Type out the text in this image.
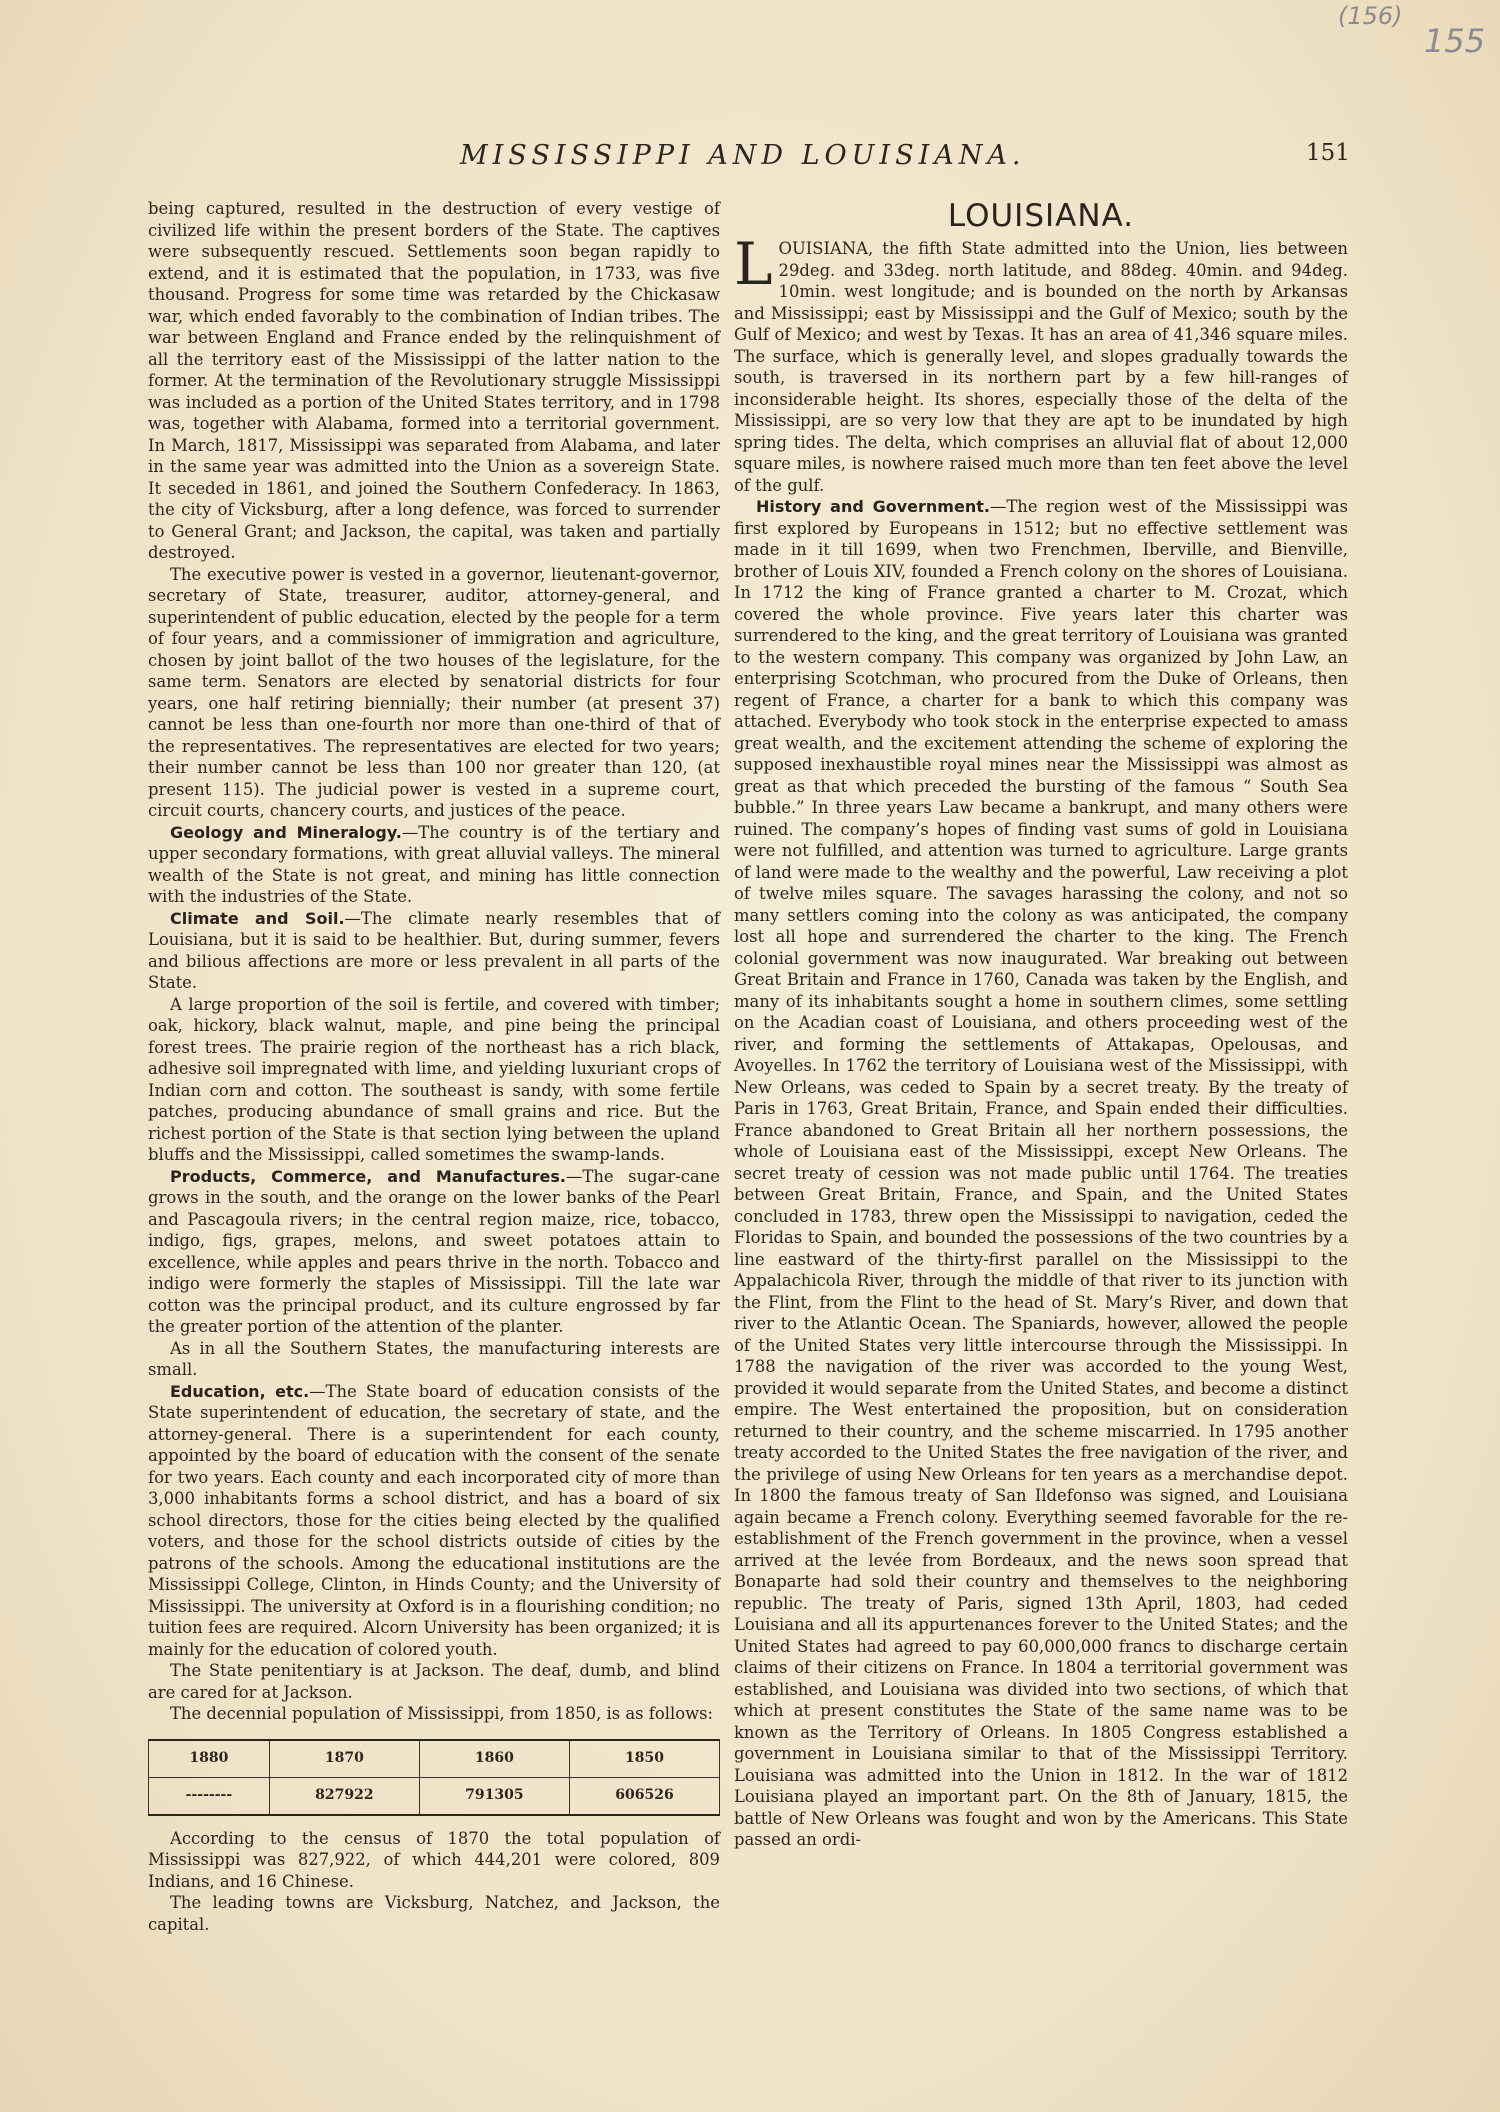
(156)
155
MISSISSIPPI AND LOUISIANA.	151

being captured, resulted in the destruction of every vestige of civilized life within the present borders of the State. The captives were subsequently rescued. Settlements soon began rapidly to extend, and it is estimated that the population, in 1733, was five thousand. Progress for some time was retarded by the Chickasaw war, which ended favorably to the combination of Indian tribes. The war between England and France ended by the relinquishment of all the territory east of the Mississippi of the latter nation to the former. At the termination of the Revolutionary struggle Mississippi was included as a portion of the United States territory, and in 1798 was, together with Alabama, formed into a territorial government. In March, 1817, Mississippi was separated from Alabama, and later in the same year was admitted into the Union as a sovereign State. It seceded in 1861, and joined the Southern Confederacy. In 1863, the city of Vicksburg, after a long defence, was forced to surrender to General Grant; and Jackson, the capital, was taken and partially destroyed.

The executive power is vested in a governor, lieutenant-governor, secretary of State, treasurer, auditor, attorney-general, and superintendent of public education, elected by the people for a term of four years, and a commissioner of immigration and agriculture, chosen by joint ballot of the two houses of the legislature, for the same term. Senators are elected by senatorial districts for four years, one half retiring biennially; their number (at present 37) cannot be less than one-fourth nor more than one-third of that of the representatives. The representatives are elected for two years; their number cannot be less than 100 nor greater than 120, (at present 115). The judicial power is vested in a supreme court, circuit courts, chancery courts, and justices of the peace.

Geology and Mineralogy.—The country is of the tertiary and upper secondary formations, with great alluvial valleys. The mineral wealth of the State is not great, and mining has little connection with the industries of the State.

Climate and Soil.—The climate nearly resembles that of Louisiana, but it is said to be healthier. But, during summer, fevers and bilious affections are more or less prevalent in all parts of the State.

A large proportion of the soil is fertile, and covered with timber; oak, hickory, black walnut, maple, and pine being the principal forest trees. The prairie region of the northeast has a rich black, adhesive soil impregnated with lime, and yielding luxuriant crops of Indian corn and cotton. The southeast is sandy, with some fertile patches, producing abundance of small grains and rice. But the richest portion of the State is that section lying between the upland bluffs and the Mississippi, called sometimes the swamp-lands.

Products, Commerce, and Manufactures.—The sugar-cane grows in the south, and the orange on the lower banks of the Pearl and Pascagoula rivers; in the central region maize, rice, tobacco, indigo, figs, grapes, melons, and sweet potatoes attain to excellence, while apples and pears thrive in the north. Tobacco and indigo were formerly the staples of Mississippi. Till the late war cotton was the principal product, and its culture engrossed by far the greater portion of the attention of the planter.

As in all the Southern States, the manufacturing interests are small.

Education, etc.—The State board of education consists of the State superintendent of education, the secretary of state, and the attorney-general. There is a superintendent for each county, appointed by the board of education with the consent of the senate for two years. Each county and each incorporated city of more than 3,000 inhabitants forms a school district, and has a board of six school directors, those for the cities being elected by the qualified voters, and those for the school districts outside of cities by the patrons of the schools. Among the educational institutions are the Mississippi College, Clinton, in Hinds County; and the University of Mississippi. The university at Oxford is in a flourishing condition; no tuition fees are required. Alcorn University has been organized; it is mainly for the education of colored youth.

The State penitentiary is at Jackson. The deaf, dumb, and blind are cared for at Jackson.

The decennial population of Mississippi, from 1850, is as follows:

1880	1870	1860	1850
--------	827922	791305	606526

According to the census of 1870 the total population of Mississippi was 827,922, of which 444,201 were colored, 809 Indians, and 16 Chinese.

The leading towns are Vicksburg, Natchez, and Jackson, the capital.

LOUISIANA.

LOUISIANA, the fifth State admitted into the Union, lies between 29deg. and 33deg. north latitude, and 88deg. 40min. and 94deg. 10min. west longitude; and is bounded on the north by Arkansas and Mississippi; east by Mississippi and the Gulf of Mexico; south by the Gulf of Mexico; and west by Texas. It has an area of 41,346 square miles. The surface, which is generally level, and slopes gradually towards the south, is traversed in its northern part by a few hill-ranges of inconsiderable height. Its shores, especially those of the delta of the Mississippi, are so very low that they are apt to be inundated by high spring tides. The delta, which comprises an alluvial flat of about 12,000 square miles, is nowhere raised much more than ten feet above the level of the gulf.

History and Government.—The region west of the Mississippi was first explored by Europeans in 1512; but no effective settlement was made in it till 1699, when two Frenchmen, Iberville, and Bienville, brother of Louis XIV, founded a French colony on the shores of Louisiana. In 1712 the king of France granted a charter to M. Crozat, which covered the whole province. Five years later this charter was surrendered to the king, and the great territory of Louisiana was granted to the western company. This company was organized by John Law, an enterprising Scotchman, who procured from the Duke of Orleans, then regent of France, a charter for a bank to which this company was attached. Everybody who took stock in the enterprise expected to amass great wealth, and the excitement attending the scheme of exploring the supposed inexhaustible royal mines near the Mississippi was almost as great as that which preceded the bursting of the famous “ South Sea bubble.” In three years Law became a bankrupt, and many others were ruined. The company’s hopes of finding vast sums of gold in Louisiana were not fulfilled, and attention was turned to agriculture. Large grants of land were made to the wealthy and the powerful, Law receiving a plot of twelve miles square. The savages harassing the colony, and not so many settlers coming into the colony as was anticipated, the company lost all hope and surrendered the charter to the king. The French colonial government was now inaugurated. War breaking out between Great Britain and France in 1760, Canada was taken by the English, and many of its inhabitants sought a home in southern climes, some settling on the Acadian coast of Louisiana, and others proceeding west of the river, and forming the settlements of Attakapas, Opelousas, and Avoyelles. In 1762 the territory of Louisiana west of the Mississippi, with New Orleans, was ceded to Spain by a secret treaty. By the treaty of Paris in 1763, Great Britain, France, and Spain ended their difficulties. France abandoned to Great Britain all her northern possessions, the whole of Louisiana east of the Mississippi, except New Orleans. The secret treaty of cession was not made public until 1764. The treaties between Great Britain, France, and Spain, and the United States concluded in 1783, threw open the Mississippi to navigation, ceded the Floridas to Spain, and bounded the possessions of the two countries by a line eastward of the thirty-first parallel on the Mississippi to the Appalachicola River, through the middle of that river to its junction with the Flint, from the Flint to the head of St. Mary’s River, and down that river to the Atlantic Ocean. The Spaniards, however, allowed the people of the United States very little intercourse through the Mississippi. In 1788 the navigation of the river was accorded to the young West, provided it would separate from the United States, and become a distinct empire. The West entertained the proposition, but on consideration returned to their country, and the scheme miscarried. In 1795 another treaty accorded to the United States the free navigation of the river, and the privilege of using New Orleans for ten years as a merchandise depot. In 1800 the famous treaty of San Ildefonso was signed, and Louisiana again became a French colony. Everything seemed favorable for the re-establishment of the French government in the province, when a vessel arrived at the levée from Bordeaux, and the news soon spread that Bonaparte had sold their country and themselves to the neighboring republic. The treaty of Paris, signed 13th April, 1803, had ceded Louisiana and all its appurtenances forever to the United States; and the United States had agreed to pay 60,000,000 francs to discharge certain claims of their citizens on France. In 1804 a territorial government was established, and Louisiana was divided into two sections, of which that which at present constitutes the State of the same name was to be known as the Territory of Orleans. In 1805 Congress established a government in Louisiana similar to that of the Mississippi Territory. Louisiana was admitted into the Union in 1812. In the war of 1812 Louisiana played an important part. On the 8th of January, 1815, the battle of New Orleans was fought and won by the Americans. This State passed an ordi-
